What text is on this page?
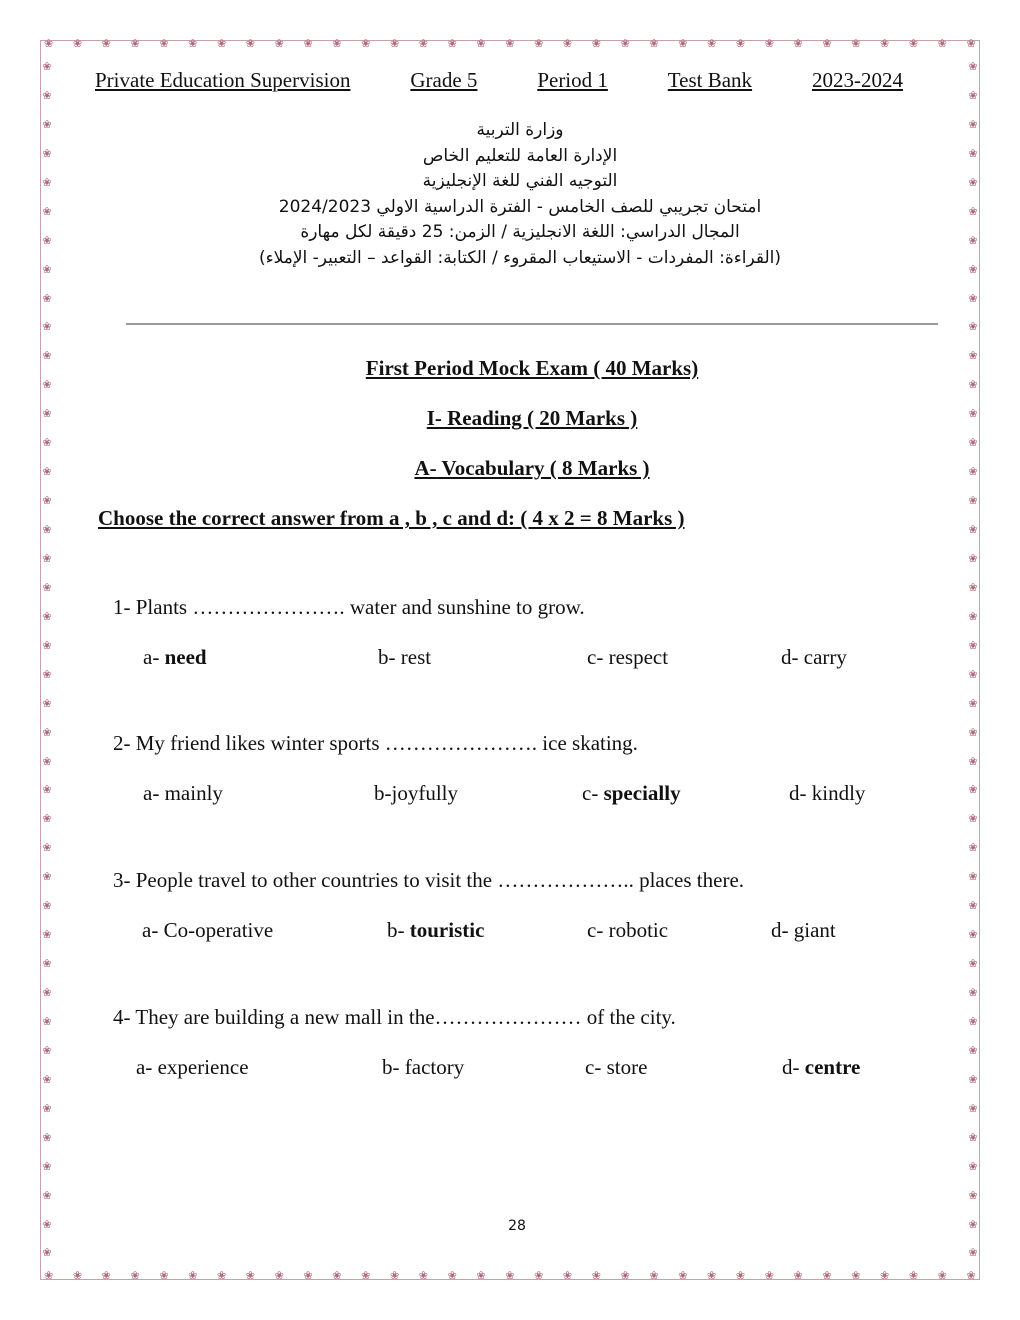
❀ ❀ ❀ ❀ ❀ ❀ ❀ ❀ ❀ ❀ ❀ ❀ ❀ ❀ ❀ ❀ ❀ ❀ ❀ ❀ ❀ ❀ ❀ ❀ ❀ ❀ ❀ ❀ ❀ ❀ ❀ ❀ ❀
❀ ❀ ❀ ❀ ❀ ❀ ❀ ❀ ❀ ❀ ❀ ❀ ❀ ❀ ❀ ❀ ❀ ❀ ❀ ❀ ❀ ❀ ❀ ❀ ❀ ❀ ❀ ❀ ❀ ❀ ❀ ❀ ❀
❀
❀
❀
❀
❀
❀
❀
❀
❀
❀
❀
❀
❀
❀
❀
❀
❀
❀
❀
❀
❀
❀
❀
❀
❀
❀
❀
❀
❀
❀
❀
❀
❀
❀
❀
❀
❀
❀
❀
❀
❀
❀
❀
❀
❀
❀
❀
❀
❀
❀
❀
❀
❀
❀
❀
❀
❀
❀
❀
❀
❀
❀
❀
❀
❀
❀
❀
❀
❀
❀
❀
❀
❀
❀
❀
❀
❀
❀
❀
❀
❀
❀
❀
❀
Private Education Supervision	Grade 5	Period 1	Test Bank	2023-2024
وزارة التربية
الإدارة العامة للتعليم الخاص
التوجيه الفني للغة الإنجليزية
امتحان تجريبي للصف الخامس - الفترة الدراسية الاولي 2024/2023
المجال الدراسي: اللغة الانجليزية / الزمن: 25 دقيقة لكل مهارة
(القراءة: المفردات - الاستيعاب المقروء / الكتابة: القواعد – التعبير- الإملاء)
First Period Mock Exam ( 40 Marks)
I- Reading ( 20 Marks )
A- Vocabulary ( 8 Marks )
Choose the correct answer from a , b , c and d: ( 4 x 2 = 8 Marks )
1- Plants …………………. water and sunshine to grow.
a- need	b- rest	c- respect	d- carry
2- My friend likes winter sports …………………. ice skating.
a- mainly	b-joyfully	c- specially	d- kindly
3- People travel to other countries to visit the ……………….. places there.
a- Co-operative	b- touristic	c- robotic	d- giant
4- They are building a new mall in the………………… of the city.
a- experience	b- factory	c- store	d- centre
28
